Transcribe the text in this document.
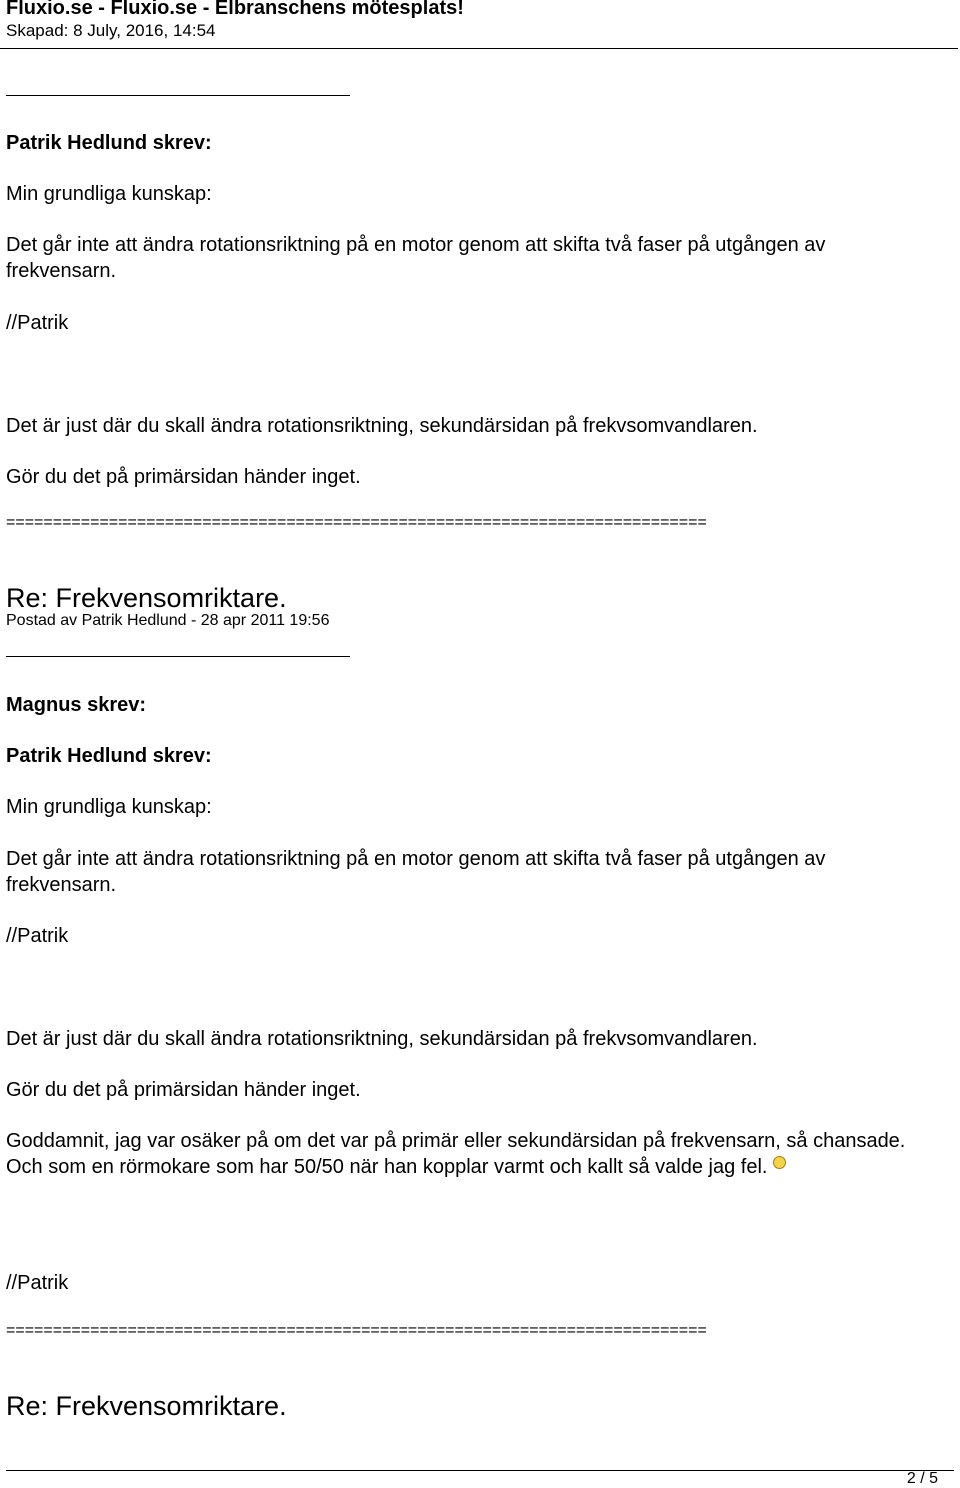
Fluxio.se - Fluxio.se - Elbranschens mötesplats!
Skapad: 8 July, 2016, 14:54
Patrik Hedlund skrev:
Min grundliga kunskap:
Det går inte att ändra rotationsriktning på en motor genom att skifta två faser på utgången av
frekvensarn.
//Patrik
Det är just där du skall ändra rotationsriktning, sekundärsidan på frekvsomvandlaren.
Gör du det på primärsidan händer inget.
===========================================================================
Re: Frekvensomriktare.
Postad av Patrik Hedlund - 28 apr 2011 19:56
Magnus skrev:
Patrik Hedlund skrev:
Min grundliga kunskap:
Det går inte att ändra rotationsriktning på en motor genom att skifta två faser på utgången av
frekvensarn.
//Patrik
Det är just där du skall ändra rotationsriktning, sekundärsidan på frekvsomvandlaren.
Gör du det på primärsidan händer inget.
Goddamnit, jag var osäker på om det var på primär eller sekundärsidan på frekvensarn, så chansade.
Och som en rörmokare som har 50/50 när han kopplar varmt och kallt så valde jag fel.
//Patrik
===========================================================================
Re: Frekvensomriktare.
2 / 5
